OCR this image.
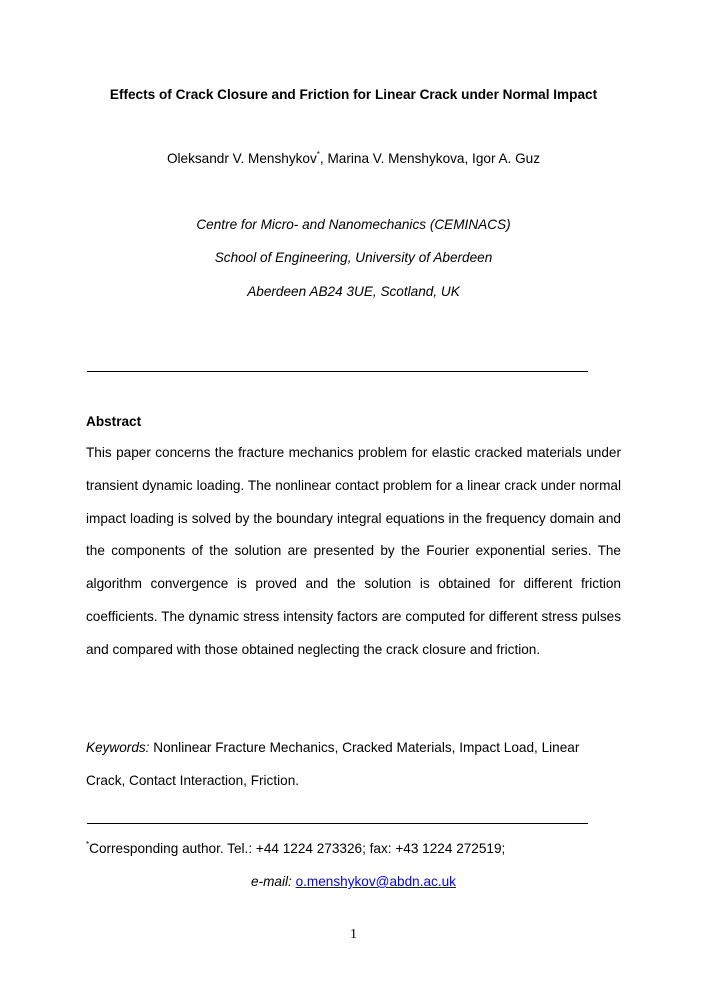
Effects of Crack Closure and Friction for Linear Crack under Normal Impact
Oleksandr V. Menshykov*, Marina V. Menshykova, Igor A. Guz
Centre for Micro- and Nanomechanics (CEMINACS)
School of Engineering, University of Aberdeen
Aberdeen AB24 3UE, Scotland, UK
Abstract

This paper concerns the fracture mechanics problem for elastic cracked materials under transient dynamic loading. The nonlinear contact problem for a linear crack under normal impact loading is solved by the boundary integral equations in the frequency domain and the components of the solution are presented by the Fourier exponential series. The algorithm convergence is proved and the solution is obtained for different friction coefficients. The dynamic stress intensity factors are computed for different stress pulses and compared with those obtained neglecting the crack closure and friction.

Keywords: Nonlinear Fracture Mechanics, Cracked Materials, Impact Load, Linear Crack, Contact Interaction, Friction.

*Corresponding author. Tel.: +44 1224 273326; fax: +43 1224 272519;
e-mail: o.menshykov@abdn.ac.uk
1
